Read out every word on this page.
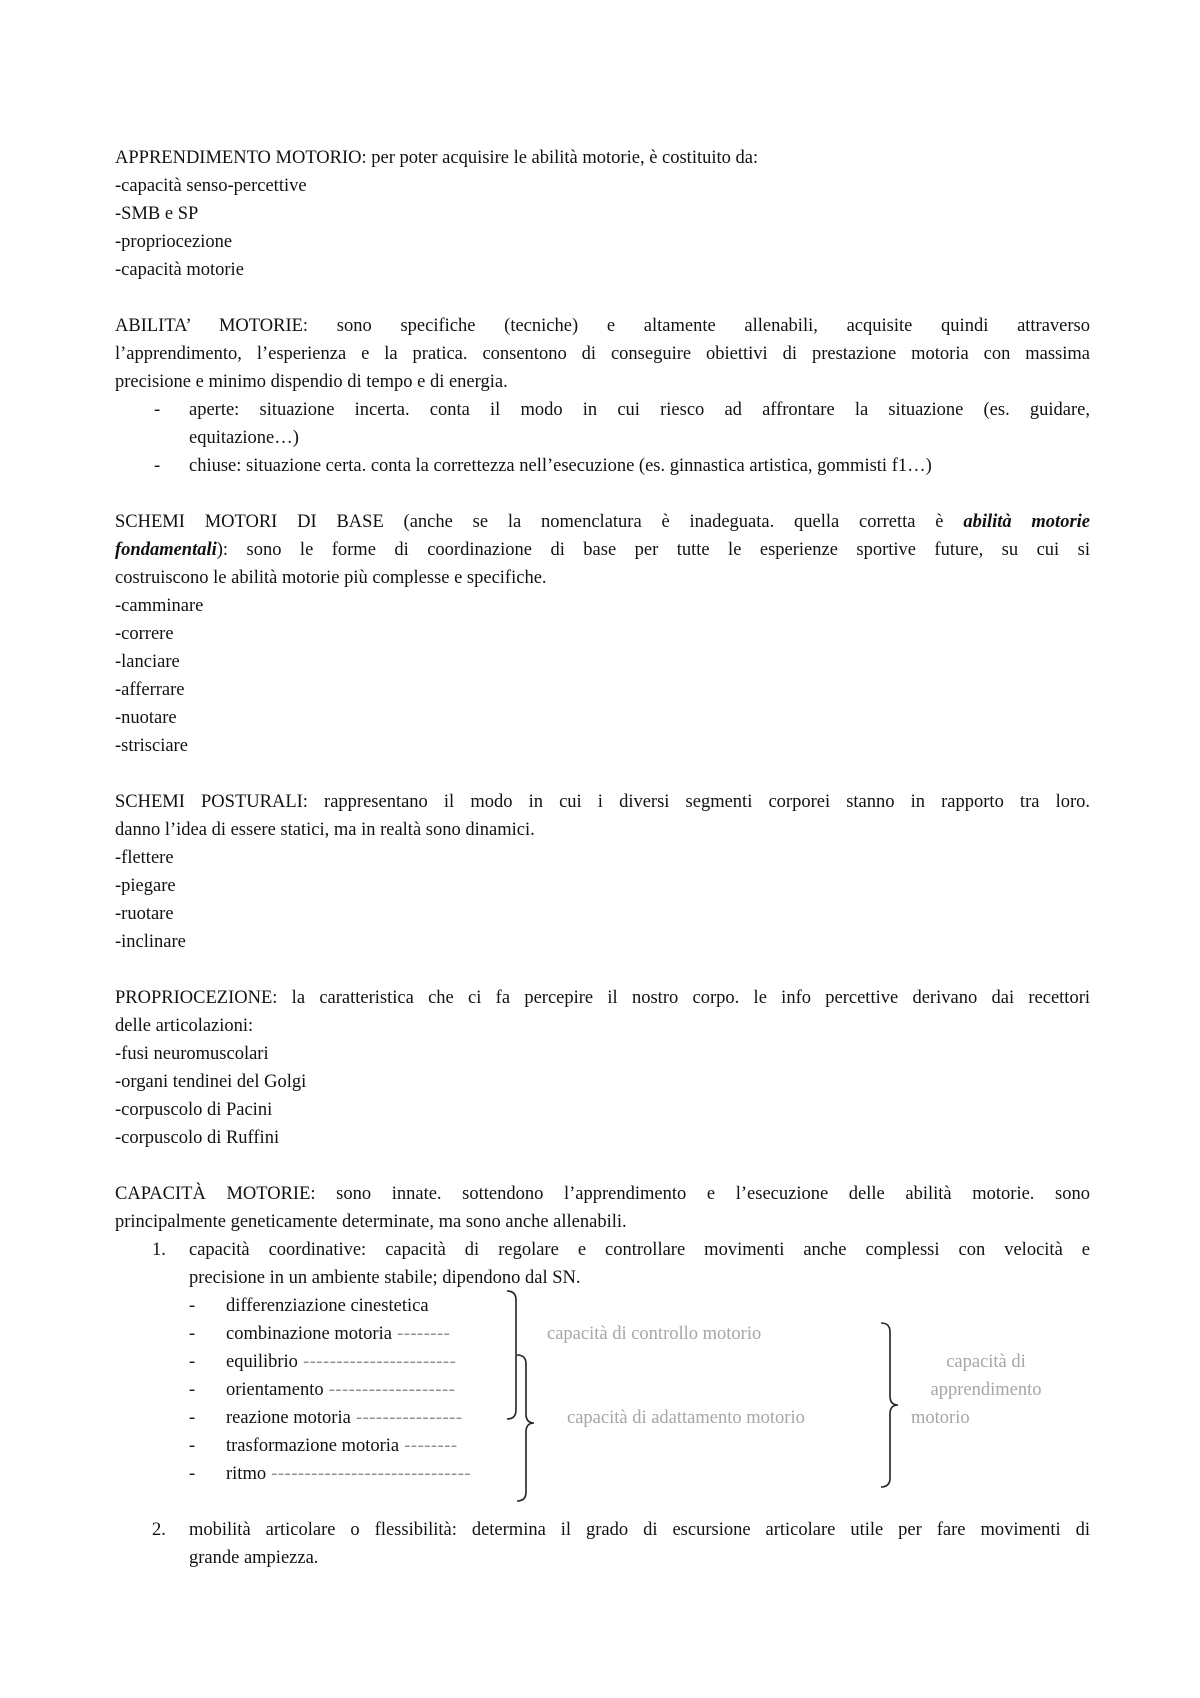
APPRENDIMENTO MOTORIO: per poter acquisire le abilità motorie, è costituito da:
-capacità senso-percettive
-SMB e SP
-propriocezione
-capacità motorie
ABILITA’ MOTORIE: sono specifiche (tecniche) e altamente allenabili, acquisite quindi attraverso
l’apprendimento, l’esperienza e la pratica. consentono di conseguire obiettivi di prestazione motoria con massima
precisione e minimo dispendio di tempo e di energia.
- aperte: situazione incerta. conta il modo in cui riesco ad affrontare la situazione (es. guidare,
equitazione…)
- chiuse: situazione certa. conta la correttezza nell’esecuzione (es. ginnastica artistica, gommisti f1…)
SCHEMI MOTORI DI BASE (anche se la nomenclatura è inadeguata. quella corretta è abilità motorie
fondamentali): sono le forme di coordinazione di base per tutte le esperienze sportive future, su cui si
costruiscono le abilità motorie più complesse e specifiche.
-camminare
-correre
-lanciare
-afferrare
-nuotare
-strisciare
SCHEMI POSTURALI: rappresentano il modo in cui i diversi segmenti corporei stanno in rapporto tra loro.
danno l’idea di essere statici, ma in realtà sono dinamici.
-flettere
-piegare
-ruotare
-inclinare
PROPRIOCEZIONE: la caratteristica che ci fa percepire il nostro corpo. le info percettive derivano dai recettori
delle articolazioni:
-fusi neuromuscolari
-organi tendinei del Golgi
-corpuscolo di Pacini
-corpuscolo di Ruffini
CAPACITÀ MOTORIE: sono innate. sottendono l’apprendimento e l’esecuzione delle abilità motorie. sono
principalmente geneticamente determinate, ma sono anche allenabili.
1. capacità coordinative: capacità di regolare e controllare movimenti anche complessi con velocità e
precisione in un ambiente stabile; dipendono dal SN.
- differenziazione cinestetica
- combinazione motoria --------
- equilibrio -----------------------
- orientamento -------------------
- reazione motoria ----------------
- trasformazione motoria --------
- ritmo ------------------------------
capacità di controllo motorio
capacità di adattamento motorio
capacità di
apprendimento
motorio
2. mobilità articolare o flessibilità: determina il grado di escursione articolare utile per fare movimenti di
grande ampiezza.
